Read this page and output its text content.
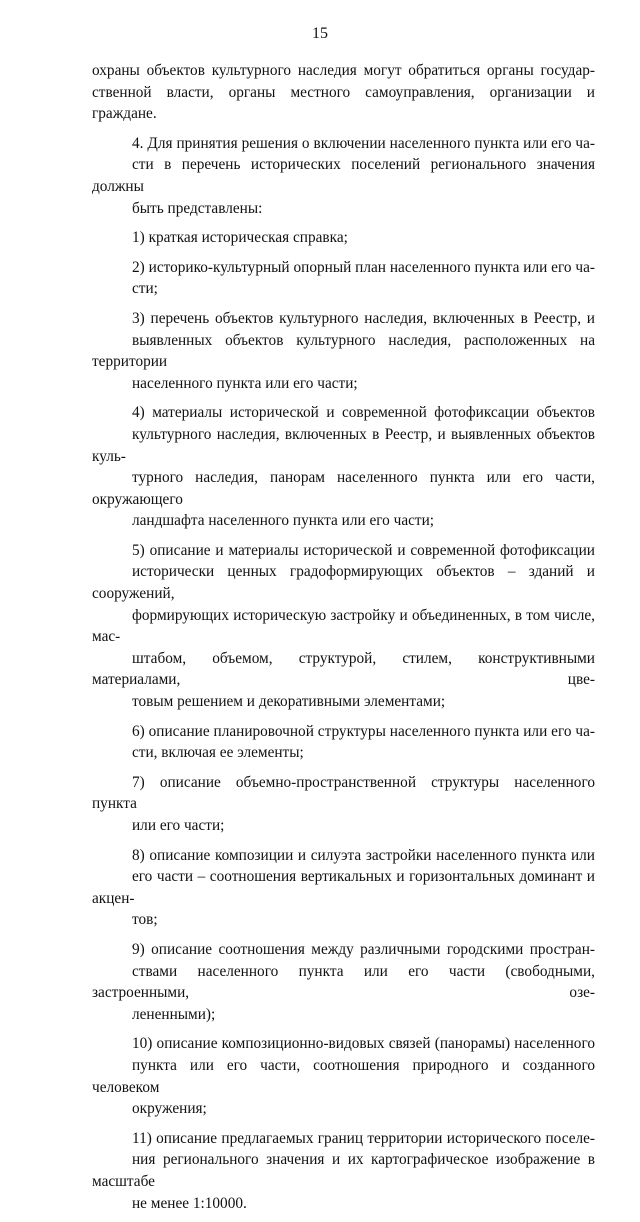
15

охраны объектов культурного наследия могут обратиться органы государ-
ственной власти, органы местного самоуправления, организации и граждане.

4. Для принятия решения о включении населенного пункта или его ча-
сти в перечень исторических поселений регионального значения должны
быть представлены:

1) краткая историческая справка;

2) историко-культурный опорный план населенного пункта или его ча-
сти;

3) перечень объектов культурного наследия, включенных в Реестр, и
выявленных объектов культурного наследия, расположенных на территории
населенного пункта или его части;

4) материалы исторической и современной фотофиксации объектов
культурного наследия, включенных в Реестр, и выявленных объектов куль-
турного наследия, панорам населенного пункта или его части, окружающего
ландшафта населенного пункта или его части;

5) описание и материалы исторической и современной фотофиксации
исторически ценных градоформирующих объектов – зданий и сооружений,
формирующих историческую застройку и объединенных, в том числе, мас-
штабом, объемом, структурой, стилем, конструктивными материалами, цве-
товым решением и декоративными элементами;

6) описание планировочной структуры населенного пункта или его ча-
сти, включая ее элементы;

7) описание объемно-пространственной структуры населенного пункта
или его части;

8) описание композиции и силуэта застройки населенного пункта или
его части – соотношения вертикальных и горизонтальных доминант и акцен-
тов;

9) описание соотношения между различными городскими простран-
ствами населенного пункта или его части (свободными, застроенными, озе-
лененными);

10) описание композиционно-видовых связей (панорамы) населенного
пункта или его части, соотношения природного и созданного человеком
окружения;

11) описание предлагаемых границ территории исторического поселе-
ния регионального значения и их картографическое изображение в масштабе
не менее 1:10000.
